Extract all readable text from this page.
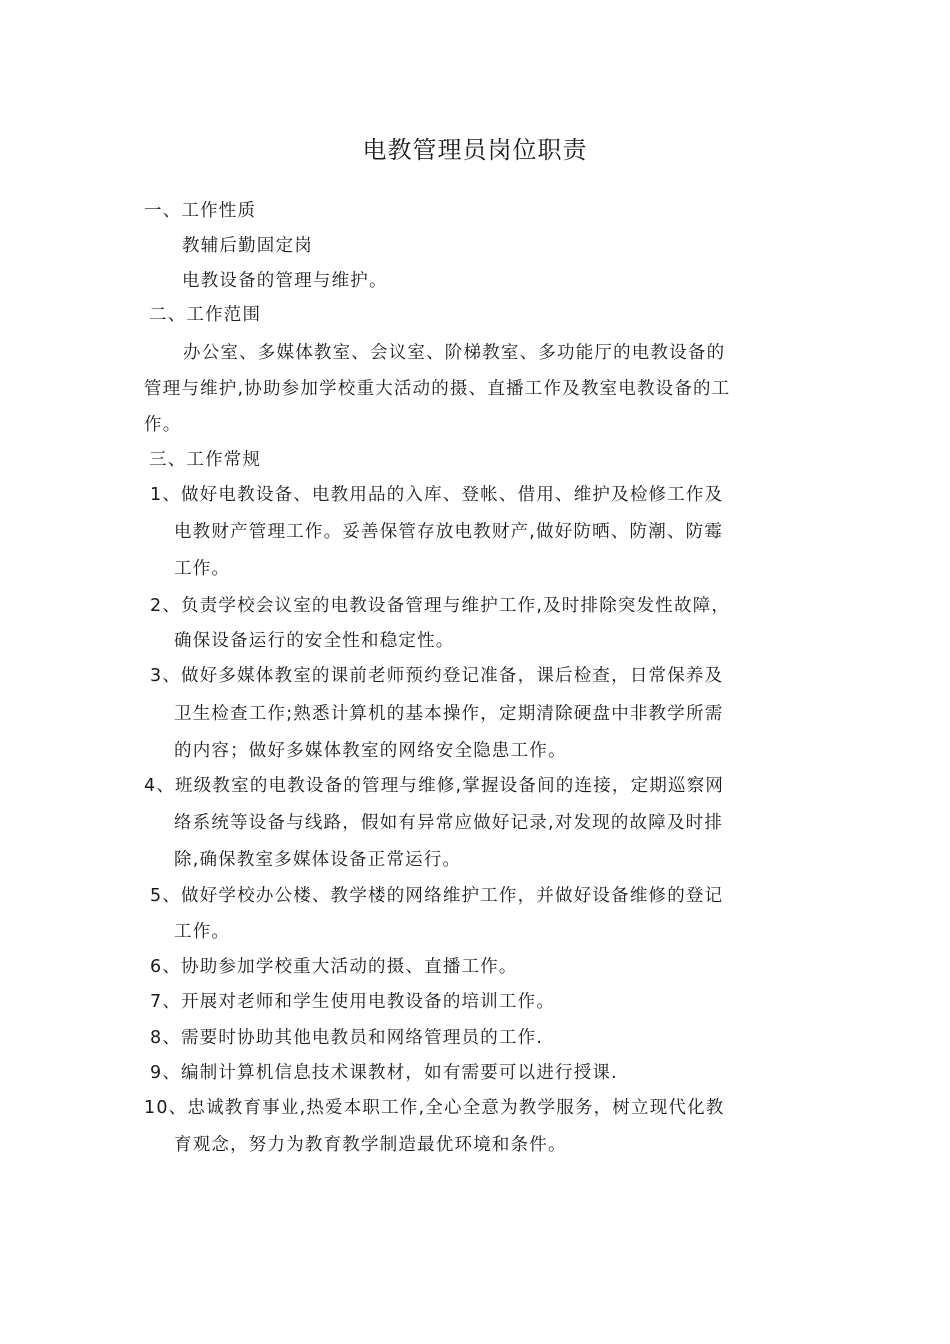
电教管理员岗位职责

一、工作性质

教辅后勤固定岗

电教设备的管理与维护。

二、工作范围

办公室、多媒体教室、会议室、阶梯教室、多功能厅的电教设备的

管理与维护,协助参加学校重大活动的摄、直播工作及教室电教设备的工

作。

三、工作常规

1、做好电教设备、电教用品的入库、登帐、借用、维护及检修工作及

电教财产管理工作。妥善保管存放电教财产,做好防晒、防潮、防霉

工作。

2、负责学校会议室的电教设备管理与维护工作,及时排除突发性故障，

确保设备运行的安全性和稳定性。

3、做好多媒体教室的课前老师预约登记准备，课后检查，日常保养及

卫生检查工作;熟悉计算机的基本操作，定期清除硬盘中非教学所需

的内容；做好多媒体教室的网络安全隐患工作。

4、班级教室的电教设备的管理与维修,掌握设备间的连接，定期巡察网

络系统等设备与线路，假如有异常应做好记录,对发现的故障及时排

除,确保教室多媒体设备正常运行。

5、做好学校办公楼、教学楼的网络维护工作，并做好设备维修的登记

工作。

6、协助参加学校重大活动的摄、直播工作。

7、开展对老师和学生使用电教设备的培训工作。

8、需要时协助其他电教员和网络管理员的工作.

9、编制计算机信息技术课教材，如有需要可以进行授课.

10、忠诚教育事业,热爱本职工作,全心全意为教学服务，树立现代化教

育观念，努力为教育教学制造最优环境和条件。
